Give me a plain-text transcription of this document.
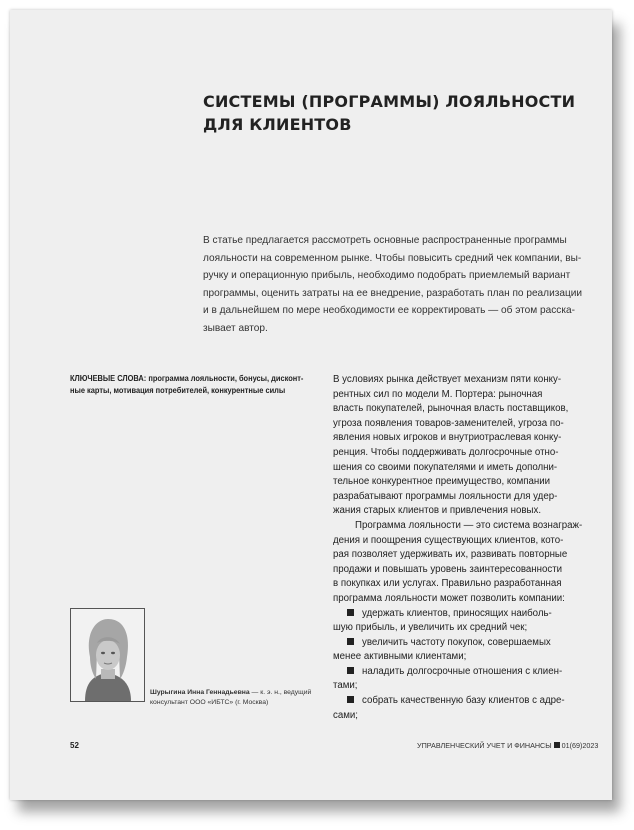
СИСТЕМЫ (ПРОГРАММЫ) ЛОЯЛЬНОСТИ
ДЛЯ КЛИЕНТОВ
В статье предлагается рассмотреть основные распространенные программы
лояльности на современном рынке. Чтобы повысить средний чек компании, вы-
ручку и операционную прибыль, необходимо подобрать приемлемый вариант
программы, оценить затраты на ее внедрение, разработать план по реализации
и в дальнейшем по мере необходимости ее корректировать — об этом расска-
зывает автор.
КЛЮЧЕВЫЕ СЛОВА: программа лояльности, бонусы, дисконт-
ные карты, мотивация потребителей, конкурентные силы
В условиях рынка действует механизм пяти конку-
рентных сил по модели М. Портера: рыночная
власть покупателей, рыночная власть поставщиков,
угроза появления товаров-заменителей, угроза по-
явления новых игроков и внутриотраслевая конку-
ренция. Чтобы поддерживать долгосрочные отно-
шения со своими покупателями и иметь дополни-
тельное конкурентное преимущество, компании
разрабатывают программы лояльности для удер-
жания старых клиентов и привлечения новых.
Программа лояльности — это система вознаграж-
дения и поощрения существующих клиентов, кото-
рая позволяет удерживать их, развивать повторные
продажи и повышать уровень заинтересованности
в покупках или услугах. Правильно разработанная
программа лояльности может позволить компании:
удержать клиентов, приносящих наиболь-
шую прибыль, и увеличить их средний чек;
увеличить частоту покупок, совершаемых
менее активными клиентами;
наладить долгосрочные отношения с клиен-
тами;
собрать качественную базу клиентов с адре-
сами;
Шурыгина Инна Геннадьевна — к. э. н., ведущий
консультант ООО «ИБТС» (г. Москва)
52	УПРАВЛЕНЧЕСКИЙ УЧЕТ И ФИНАНСЫ 01(69)2023
